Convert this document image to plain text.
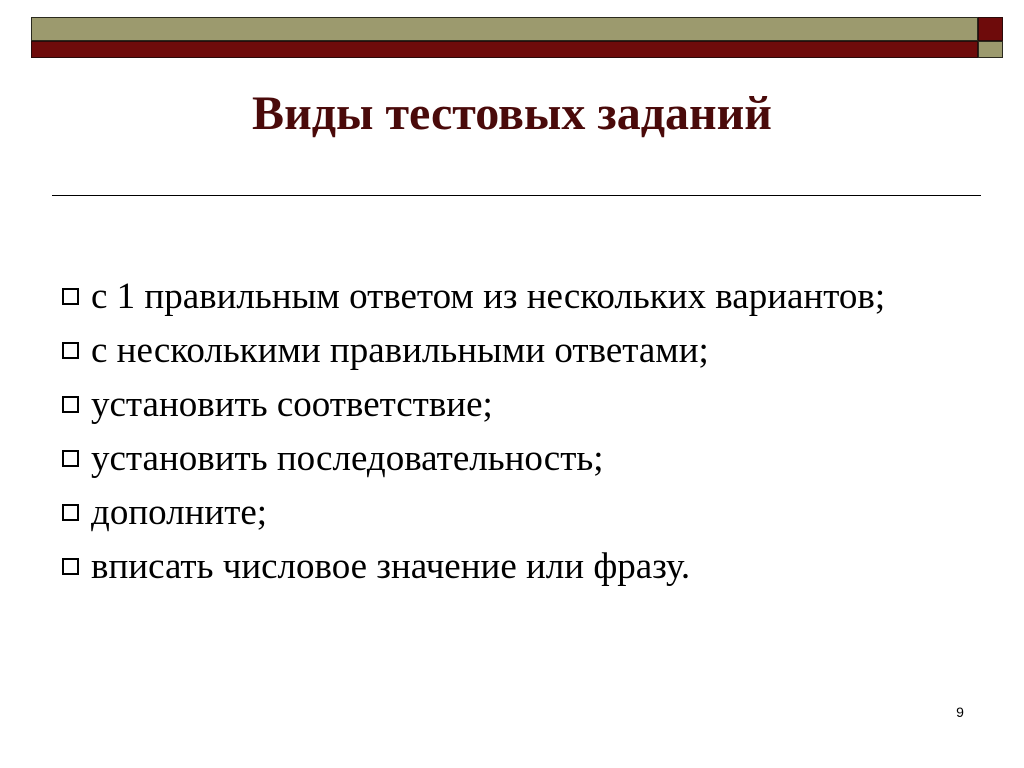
Виды тестовых заданий
с 1 правильным ответом из нескольких вариантов;
с несколькими правильными ответами;
установить соответствие;
установить последовательность;
дополните;
вписать числовое значение или фразу.
9
